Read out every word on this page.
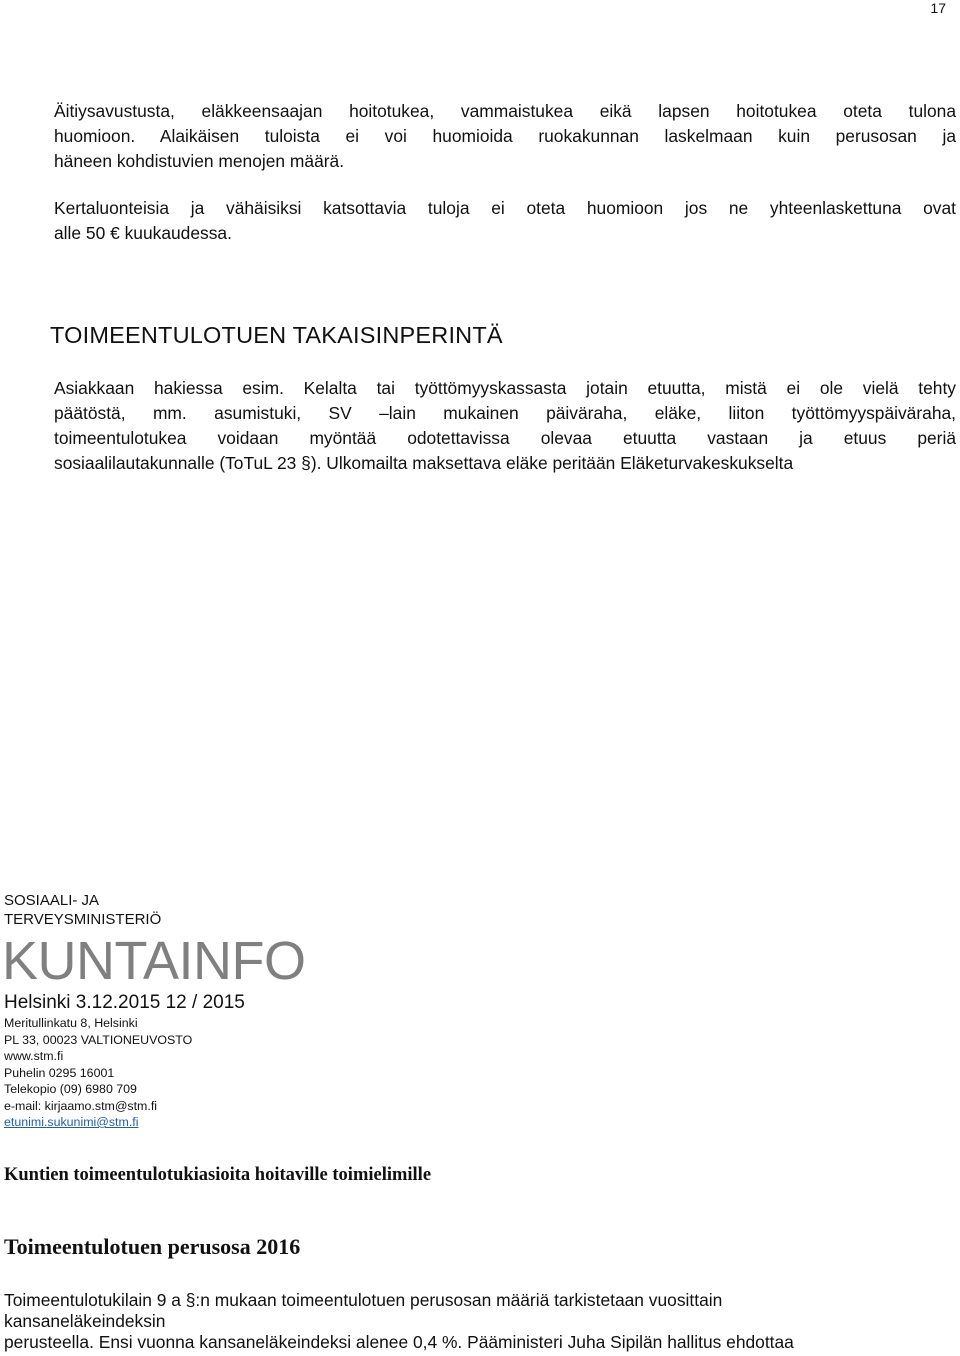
17
Äitiysavustusta, eläkkeensaajan hoitotukea, vammaistukea eikä lapsen hoitotukea oteta tulona
huomioon. Alaikäisen tuloista ei voi huomioida ruokakunnan laskelmaan kuin perusosan ja
häneen kohdistuvien menojen määrä.
Kertaluonteisia ja vähäisiksi katsottavia tuloja ei oteta huomioon jos ne yhteenlaskettuna ovat
alle 50 € kuukaudessa.
TOIMEENTULOTUEN TAKAISINPERINTÄ
Asiakkaan hakiessa esim. Kelalta tai työttömyyskassasta jotain etuutta, mistä ei ole vielä tehty
päätöstä, mm. asumistuki, SV –lain mukainen päiväraha, eläke, liiton työttömyyspäiväraha,
toimeentulotukea voidaan myöntää odotettavissa olevaa etuutta vastaan ja etuus periä
sosiaalilautakunnalle (ToTuL 23 §). Ulkomailta maksettava eläke peritään Eläketurvakeskukselta
SOSIAALI- JA
TERVEYSMINISTERIÖ
KUNTAINFO
Helsinki 3.12.2015 12 / 2015
Meritullinkatu 8, Helsinki
PL 33, 00023 VALTIONEUVOSTO
www.stm.fi
Puhelin 0295 16001
Telekopio (09) 6980 709
e-mail: kirjaamo.stm@stm.fi
etunimi.sukunimi@stm.fi
Kuntien toimeentulotukiasioita hoitaville toimielimille
Toimeentulotuen perusosa 2016
Toimeentulotukilain 9 a §:n mukaan toimeentulotuen perusosan määriä tarkistetaan vuosittain
kansaneläkeindeksin
perusteella. Ensi vuonna kansaneläkeindeksi alenee 0,4 %. Pääministeri Juha Sipilän hallitus ehdottaa
